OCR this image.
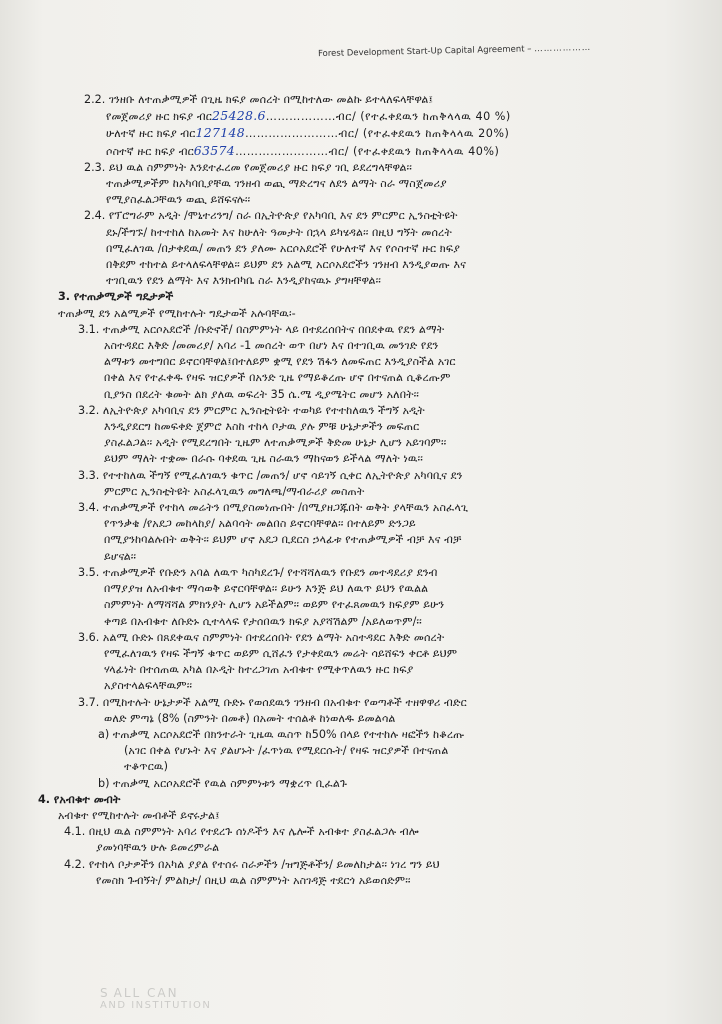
Forest Development Start-Up Capital Agreement – ………………
2.2. ገንዘቡ ለተጠቃሚዎች በጊዜ ክፍያ መሰረት በሚከተለው መልኩ ይተላለፍላቸዋል፤
የመጀመሪያ ዙር ክፍያ ብር25428.6………………ብር/ (የተፈቀደዉን ከጠቅላላዉ 40 %)
ሁለተኛ ዙር ክፍያ ብር127148……………………ብር/ (የተፈቀደዉን ከጠቅላላዉ 20%)
ሶስተኛ ዙር ክፍያ ብር63574……………………ብር/ (የተፈቀደዉን ከጠቅላላዉ 40%)
2.3. ይህ ዉል ስምምነት እንደተፈረመ የመጀመሪያ ዙር ክፍያ ገቢ ይደረግላቸዋል፡፡
ተጠቃሚዎችም ከአካባቢያቸዉ ገንዘብ ወጪ ማድረግና ለደን ልማት ስራ ማስጀመሪያ
የሚያስፈልጋቸዉን ወጪ ይሸፍናሉ፡፡
2.4. የፕሮግራም አዲት /ሞኒተሪንግ/ ስራ በኢትዮጵያ የአካባቢ እና ደን ምርምር ኢንስቲትዩት
ደኑ/ችግኙ/ ከተተከለ ከአመት እና ከሁለት ዓመታት በኋላ ይካሄዳል፡፡ በዚህ ግኝት መሰረት
በሚፈለገዉ /በታቀደዉ/ መጠን ደን ያለሙ አርሶአደሮች የሁለተኛ እና የሶስተኛ ዙር ክፍያ
በቅደም ተከተል ይተላለፍላቸዋል፡፡ ይህም ደን አልሚ አርሶአደሮችን ገንዘብ እንዲያወጡ እና
ተገቢዉን የደን ልማት እና እንክብካቤ ስራ እንዲያከናዉኑ ያግዛቸዋል፡፡
3. የተጠቃሚዎች ግዴታዎች
ተጠቃሚ ደን አልሚዎች የሚከተሉት ግዴታወች አሉባቸዉ፡-
3.1. ተጠቃሚ አርሶአደሮች /ቡድኖች/ በስምምነት ላይ በተደረሰበትና በበደቀዉ የደን ልማት
አስተዳደር እቅድ /መመሪያ/ አባሪ -1 መሰረት ወጥ በሆነ እና በተገቢዉ መንገድ የደን
ልማቱን መተግበር ይኖርባቸዋል፤በተለይም ቋሚ የደን ሽፋን ለመፍጠር እንዲያስችል አገር
በቀል እና የተፈቀዱ የዛፍ ዝርያዎች በአንድ ጊዜ የማይቆረጡ ሆኖ በተናጠል ሲቆረጡም
ቢያንስ በደረት ቁመት ልክ ያለዉ ወፍረት 35 ሴ.ሜ ዲያሜትር መሆን አለበት፡፡
3.2. ለኢትዮጵያ አካባቢና ደን ምርምር ኢንስቲትዩት ተወካይ የተተከለዉን ችግኝ አዲት
እንዲያደርግ ከመፍቀድ ጀምሮ እስከ ተከላ ቦታዉ ያሉ ምቹ ሁኔታዎችን መፍጠር
ያስፈልጋል፡፡ አዲት የሚደረግበት ጊዜም ለተጠቃሚዎች ቅድመ ሁኔታ ሊሆን አይገባም፡፡
ይህም ማለት ተቋሙ በራሱ ባቀደዉ ጊዜ ስራዉን ማከናወን ይችላል ማለት ነዉ፡፡
3.3. የተተከለዉ ችግኝ የሚፈለገዉን ቁጥር /መጠን/ ሆኖ ሳይገኝ ሲቀር ለኢትዮጵያ አካባቢና ደን
ምርምር ኢንስቲትዩት አስፈላጊዉን መግለጫ/ማብራሪያ መስጠት
3.4. ተጠቃሚዎች የተከላ መሬትን በሚያስመነጡበት /በሚያዘጋጁበት ወቅት ያላቸዉን አስፈላጊ
የጥንቃቄ /የአደጋ መከላከያ/ አልባሳት መልበስ ይኖርባቸዋል፡፡ በተለይም ድንጋይ
በሚያንከባልሉበት ወቅት፡፡ ይህም ሆኖ አደጋ ቢደርስ ኃላፊቱ የተጠቃሚዎች ብቻ እና ብቻ
ይሆናል፡፡
3.5. ተጠቃሚዎች የቡድን አባል ለዉጥ ካስካደረጉ/ የተሻሻለዉን የቡደን መተዳደሪያ ደንብ
በማያያዝ ለአብቁተ ማሳወቅ ይኖርባቸዋል፡፡ ይሁን እንጅ ይህ ለዉጥ ይህን የዉልል
ስምምነት ለማሻሻል ምክንያት ሊሆን አይችልም፡፡ ወይም የተፈጸመዉን ክፍያም ይሁን
ቀጣይ በአብቁተ ለቡድኑ ሲተላላፍ የታሰበዉን ክፍያ አያሻሽልም /አይለወጥም/፡፡
3.6. አልሚ ቡድኑ በጸደቀዉና ስምምነት በተደረሰበት የደን ልማት አስተዳደር እቅድ መሰረት
የሚፈለገዉን የዛፍ ችግኝ ቁጥር ወይም ሲሸፈን የታቀደዉን መሬት ሳይሸፍን ቀርቶ ይህም
ሃላፊነት በተሰጠዉ አካል በኦዲት ከተረጋገጠ አብቁተ የሚቀጥለዉን ዙር ክፍያ
አያስተላልፍላቸዉም፡፡
3.7. በሚከተሉት ሁኔታዎች አልሚ ቡድኑ የወሰደዉን ገንዘብ በአብቁተ የወጣቶች ተዘዋዋሪ ብድር
ወለድ ምጣኔ (8% (ስምንት በመቶ) በአመት ተሰልቶ ከነወለዱ ይመልሳል
a) ተጠቃሚ አርሶአደሮች በክንተራት ጊዜዉ ዉስጥ ከ50% በላይ የተተከሉ ዛፎችን ከቆረጡ
(አገር በቀል የሆኑት እና ያልሆኑት /ፈጥነዉ የሚደርሱት/ የዛፍ ዝርያዎች በተናጠል
ተቆጥርዉ)
b) ተጠቃሚ አርሶአደሮች የዉል ስምምነቱን ማቋረጥ ቢፈልጉ
4. የአብቁተ መብት
አብቁተ የሚከተሉት መብቶች ይኖሩታል፤
4.1. በዚህ ዉል ስምምነት አባሪ የተደረጉ ሰነዶችን እና ሌሎች አብቁተ ያስፈልጋሉ ብሎ
ያመነባቸዉን ሁሉ ይመረምራል
4.2. የተከላ ቦታዎችን በአካል ያያል የተሰሩ ስራዎችን /ዝግጅቶችን/ ይመለከታል፡፡ ነገረ ግን ይህ
የመስክ ጉብኝት/ ምልከታ/ በዚህ ዉል ስምምነት አስገዳጅ ተደርጎ አይወሰድም፡፡
S ALL CAN
AND INSTITUTION
